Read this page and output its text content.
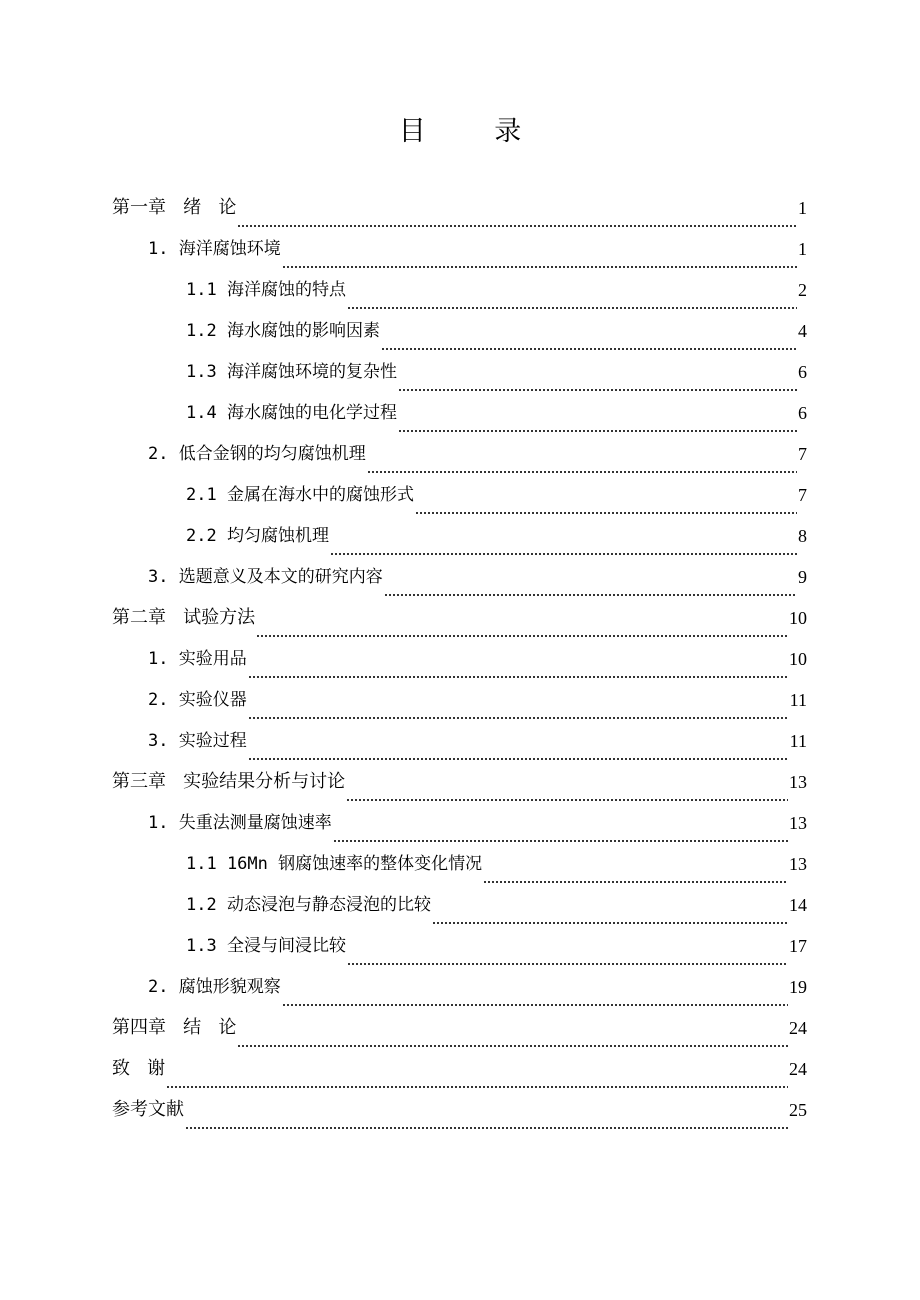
目 录
第一章   绪   论	1
1. 海洋腐蚀环境	1
1.1 海洋腐蚀的特点	2
1.2 海水腐蚀的影响因素	4
1.3 海洋腐蚀环境的复杂性	6
1.4 海水腐蚀的电化学过程	6
2. 低合金钢的均匀腐蚀机理	7
2.1 金属在海水中的腐蚀形式	7
2.2 均匀腐蚀机理	8
3. 选题意义及本文的研究内容	9
第二章   试验方法	10
1. 实验用品	10
2. 实验仪器	11
3. 实验过程	11
第三章   实验结果分析与讨论	13
1. 失重法测量腐蚀速率	13
1.1 16Mn 钢腐蚀速率的整体变化情况	13
1.2 动态浸泡与静态浸泡的比较	14
1.3 全浸与间浸比较	17
2. 腐蚀形貌观察	19
第四章   结   论	24
致   谢	24
参考文献	25
